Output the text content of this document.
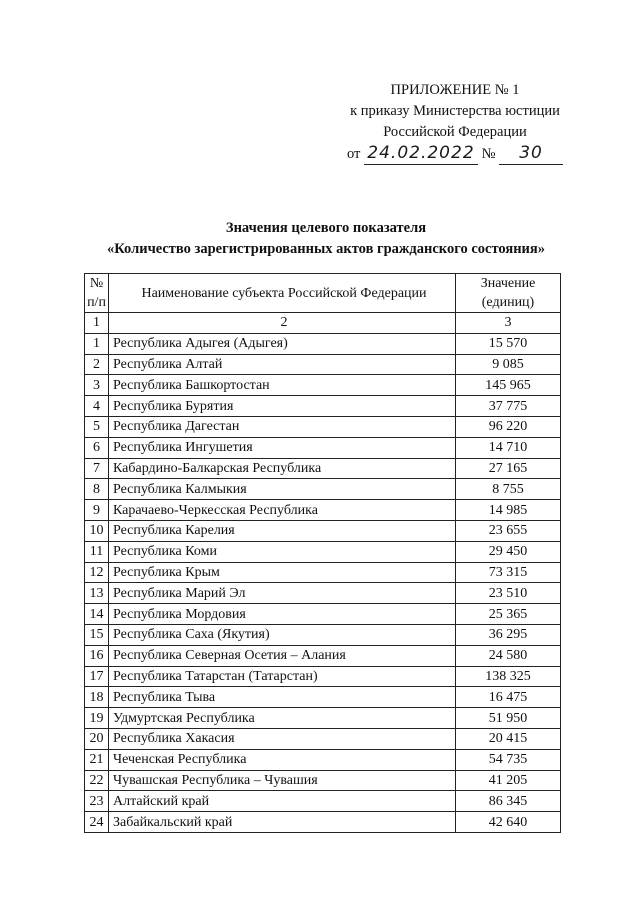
ПРИЛОЖЕНИЕ № 1
к приказу Министерства юстиции
Российской Федерации
от 24.02.2022 № 30
Значения целевого показателя
«Количество зарегистрированных актов гражданского состояния»
№ п/п	Наименование субъекта Российской Федерации	Значение (единиц)
1	2	3
1	Республика Адыгея (Адыгея)	15 570
2	Республика Алтай	9 085
3	Республика Башкортостан	145 965
4	Республика Бурятия	37 775
5	Республика Дагестан	96 220
6	Республика Ингушетия	14 710
7	Кабардино-Балкарская Республика	27 165
8	Республика Калмыкия	8 755
9	Карачаево-Черкесская Республика	14 985
10	Республика Карелия	23 655
11	Республика Коми	29 450
12	Республика Крым	73 315
13	Республика Марий Эл	23 510
14	Республика Мордовия	25 365
15	Республика Саха (Якутия)	36 295
16	Республика Северная Осетия – Алания	24 580
17	Республика Татарстан (Татарстан)	138 325
18	Республика Тыва	16 475
19	Удмуртская Республика	51 950
20	Республика Хакасия	20 415
21	Чеченская Республика	54 735
22	Чувашская Республика – Чувашия	41 205
23	Алтайский край	86 345
24	Забайкальский край	42 640
